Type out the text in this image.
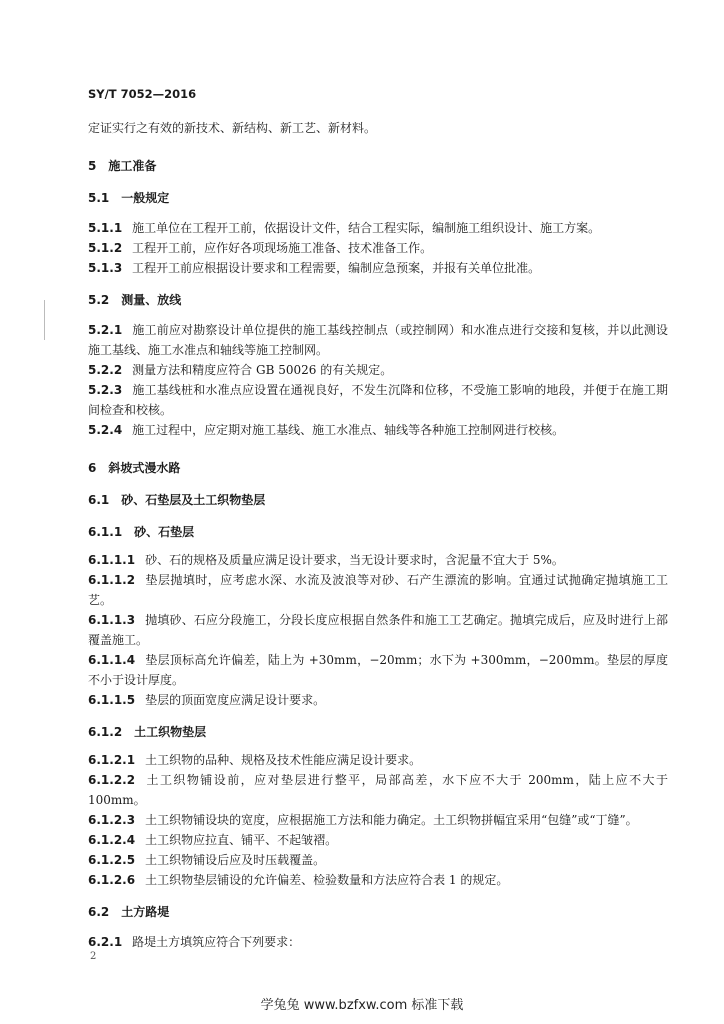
SY/T 7052—2016
定证实行之有效的新技术、新结构、新工艺、新材料。
5　施工准备
5.1　一般规定
5.1.1 施工单位在工程开工前，依据设计文件，结合工程实际，编制施工组织设计、施工方案。
5.1.2 工程开工前，应作好各项现场施工准备、技术准备工作。
5.1.3 工程开工前应根据设计要求和工程需要，编制应急预案，并报有关单位批准。
5.2　测量、放线
5.2.1 施工前应对勘察设计单位提供的施工基线控制点（或控制网）和水准点进行交接和复核，并以此测设施工基线、施工水准点和轴线等施工控制网。
5.2.2 测量方法和精度应符合 GB 50026 的有关规定。
5.2.3 施工基线桩和水准点应设置在通视良好，不发生沉降和位移，不受施工影响的地段，并便于在施工期间检查和校核。
5.2.4 施工过程中，应定期对施工基线、施工水准点、轴线等各种施工控制网进行校核。
6　斜坡式漫水路
6.1　砂、石垫层及土工织物垫层
6.1.1　砂、石垫层
6.1.1.1 砂、石的规格及质量应满足设计要求，当无设计要求时，含泥量不宜大于 5%。
6.1.1.2 垫层抛填时，应考虑水深、水流及波浪等对砂、石产生漂流的影响。宜通过试抛确定抛填施工工艺。
6.1.1.3 抛填砂、石应分段施工，分段长度应根据自然条件和施工工艺确定。抛填完成后，应及时进行上部覆盖施工。
6.1.1.4 垫层顶标高允许偏差，陆上为 +30mm，−20mm；水下为 +300mm，−200mm。垫层的厚度不小于设计厚度。
6.1.1.5 垫层的顶面宽度应满足设计要求。
6.1.2　土工织物垫层
6.1.2.1 土工织物的品种、规格及技术性能应满足设计要求。
6.1.2.2 土工织物铺设前，应对垫层进行整平，局部高差，水下应不大于 200mm，陆上应不大于 100mm。
6.1.2.3 土工织物铺设块的宽度，应根据施工方法和能力确定。土工织物拼幅宜采用“包缝”或“丁缝”。
6.1.2.4 土工织物应拉直、铺平、不起皱褶。
6.1.2.5 土工织物铺设后应及时压载覆盖。
6.1.2.6 土工织物垫层铺设的允许偏差、检验数量和方法应符合表 1 的规定。
6.2　土方路堤
6.2.1 路堤土方填筑应符合下列要求：
2
学兔兔 www.bzfxw.com 标准下载
